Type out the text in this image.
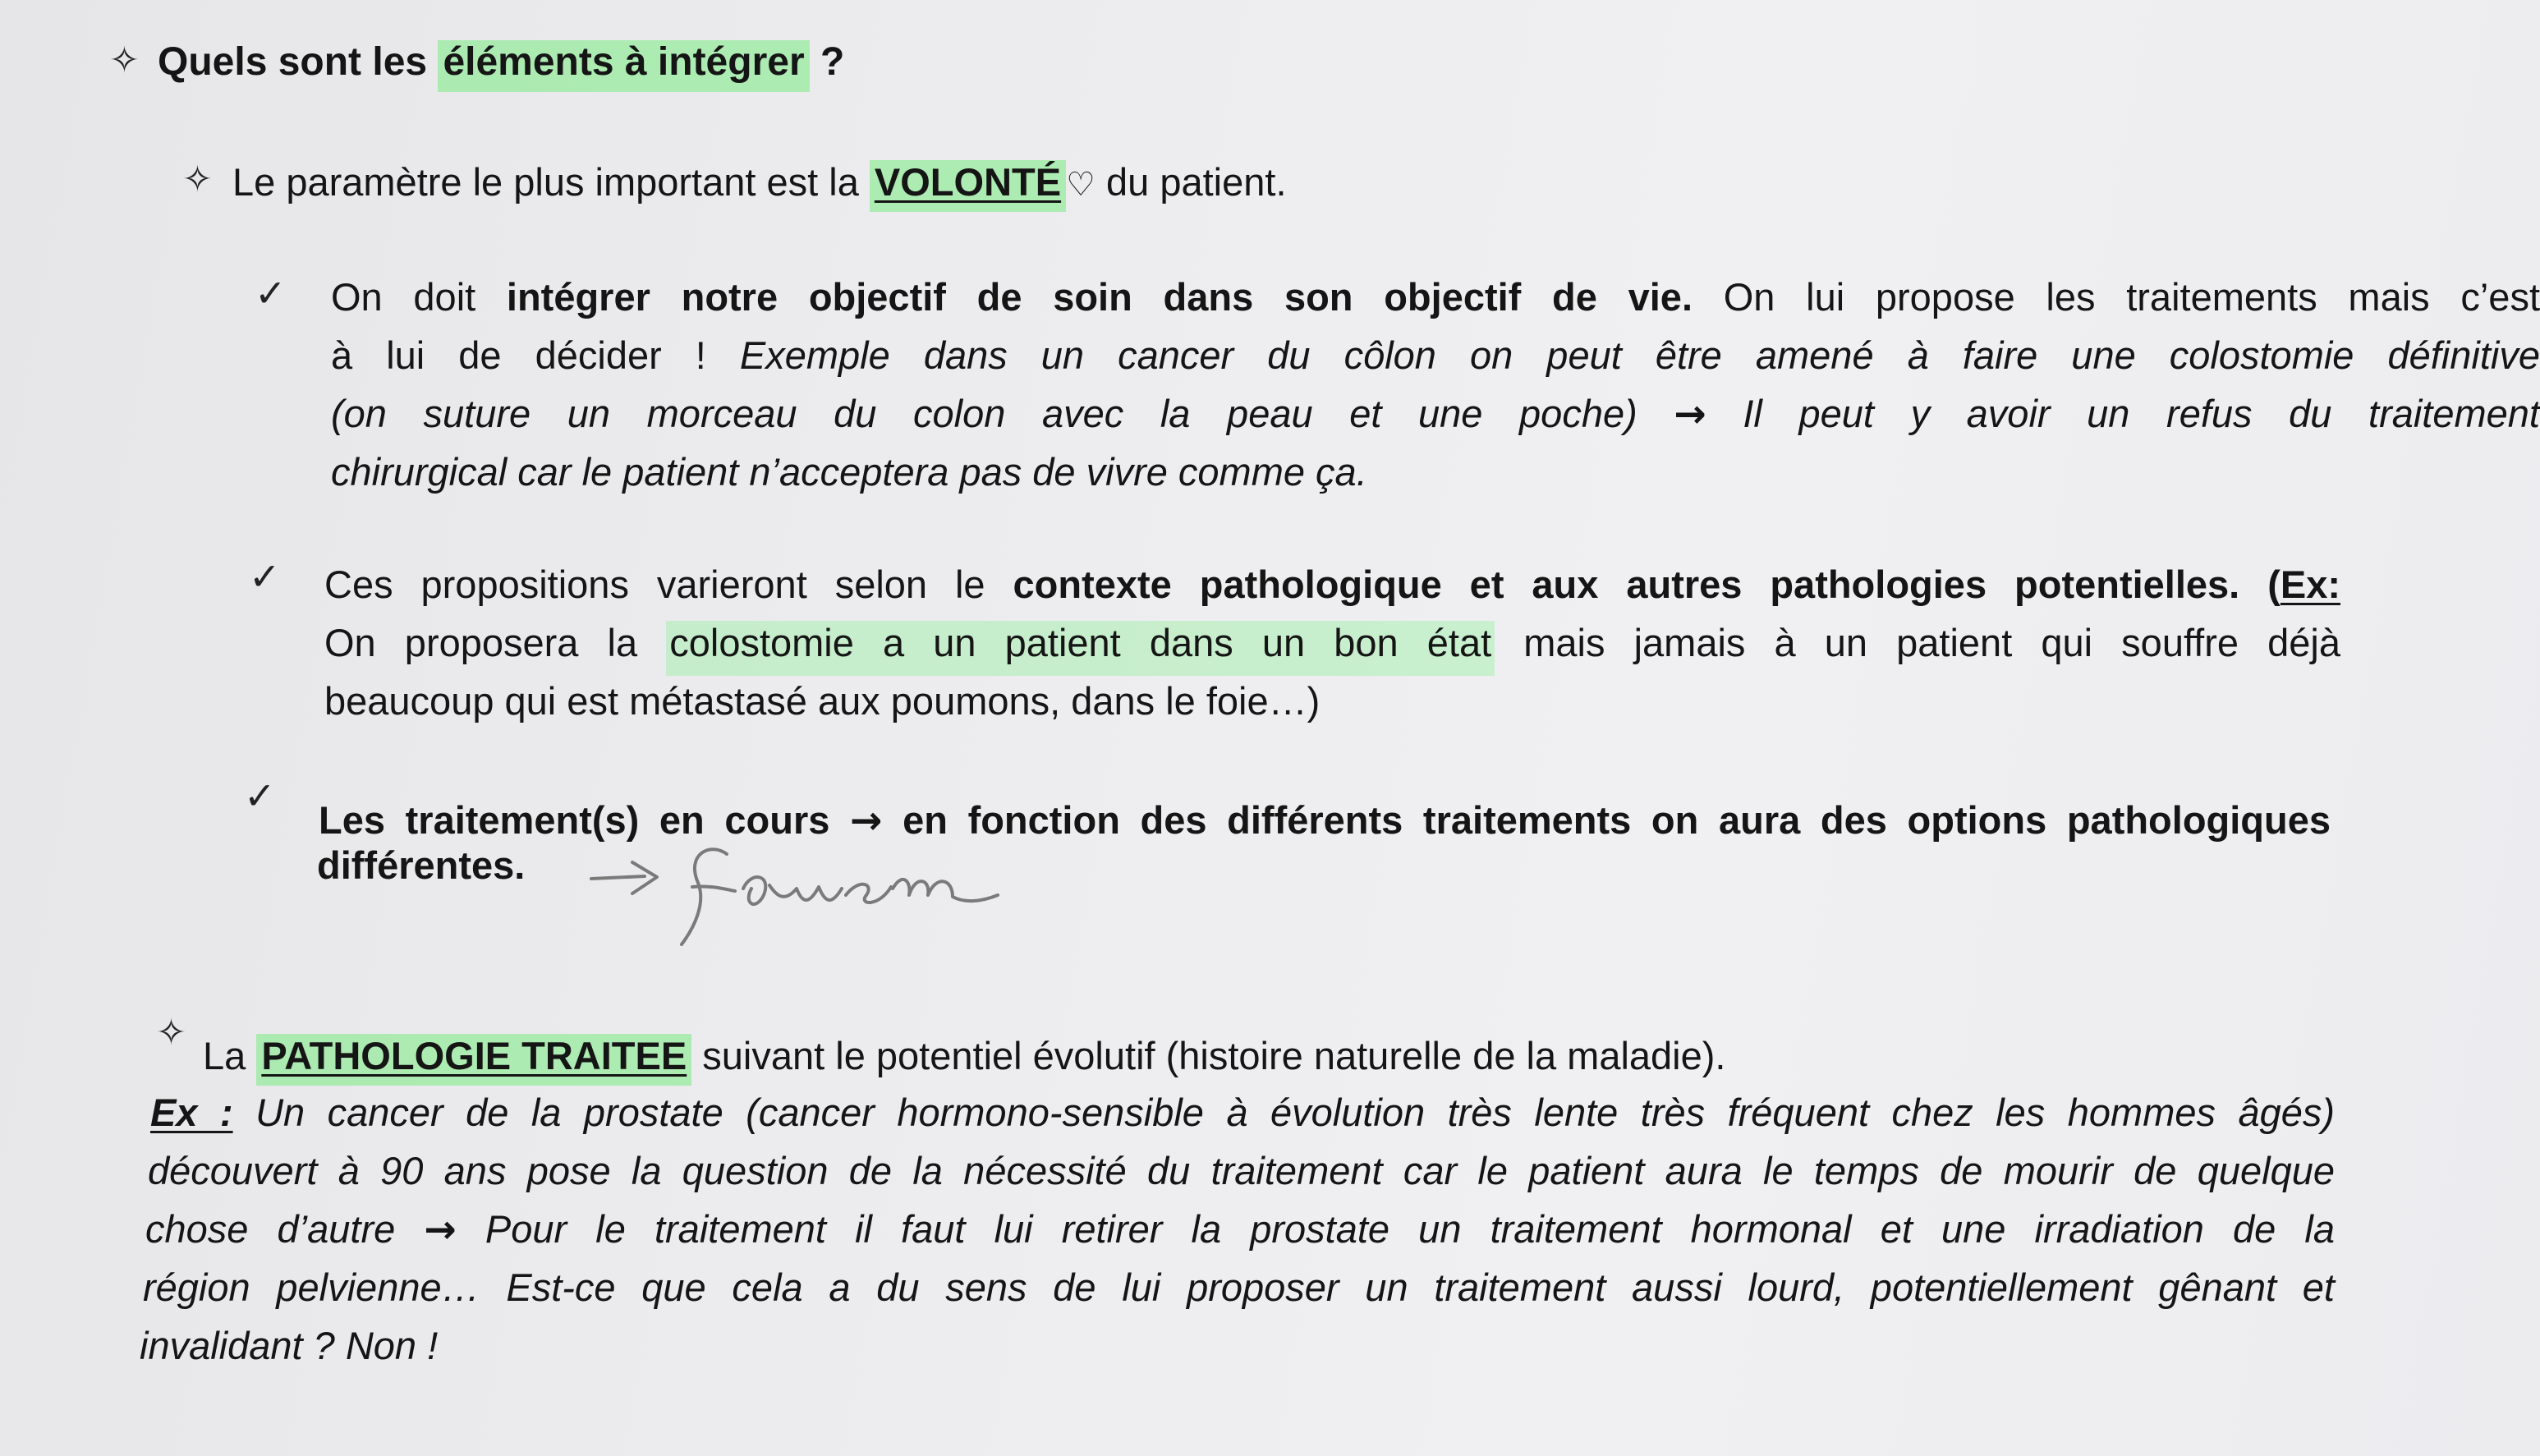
✧ Quels sont les éléments à intégrer ?
✧ Le paramètre le plus important est la VOLONTÉ ♡ du patient.
✓ On doit intégrer notre objectif de soin dans son objectif de vie. On lui propose les traitements mais c’est
à lui de décider ! Exemple dans un cancer du côlon on peut être amené à faire une colostomie définitive
(on suture un morceau du colon avec la peau et une poche) → Il peut y avoir un refus du traitement
chirurgical car le patient n’acceptera pas de vivre comme ça.
✓ Ces propositions varieront selon le contexte pathologique et aux autres pathologies potentielles. (Ex:
On proposera la colostomie a un patient dans un bon état mais jamais à un patient qui souffre déjà
beaucoup qui est métastasé aux poumons, dans le foie…)
✓
Les traitement(s) en cours → en fonction des différents traitements on aura des options pathologiques
différentes.
✧
La PATHOLOGIE TRAITEE suivant le potentiel évolutif (histoire naturelle de la maladie).
Ex : Un cancer de la prostate (cancer hormono-sensible à évolution très lente très fréquent chez les hommes âgés)
découvert à 90 ans pose la question de la nécessité du traitement car le patient aura le temps de mourir de quelque
chose d’autre → Pour le traitement il faut lui retirer la prostate un traitement hormonal et une irradiation de la
région pelvienne… Est-ce que cela a du sens de lui proposer un traitement aussi lourd, potentiellement gênant et
invalidant ? Non !
